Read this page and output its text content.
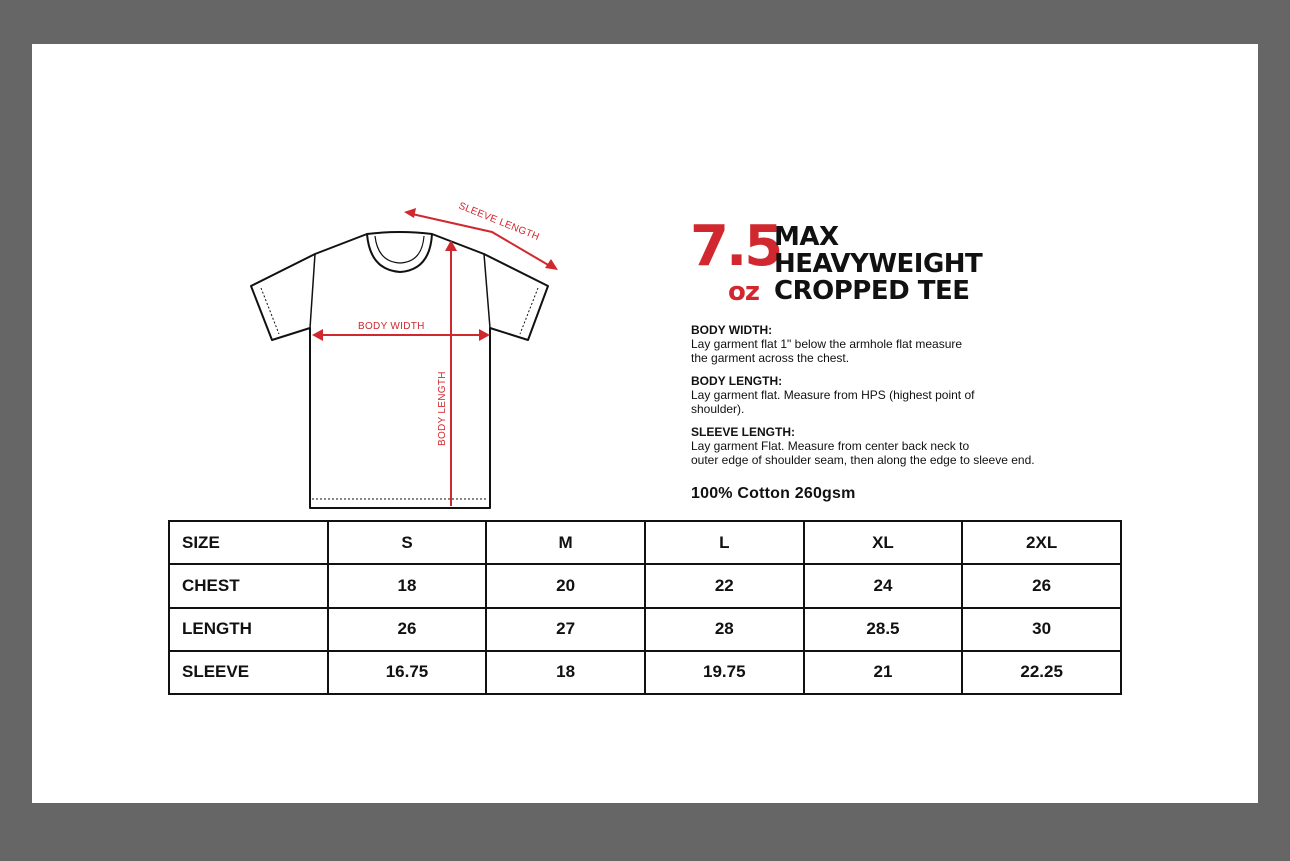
SLEEVE LENGTH
BODY WIDTH
BODY LENGTH
7.5
oz
MAX
HEAVYWEIGHT
CROPPED TEE
BODY WIDTH:
Lay garment flat 1" below the armhole flat measure
the garment across the chest.
BODY LENGTH:
Lay garment flat. Measure from HPS (highest point of
shoulder).
SLEEVE LENGTH:
Lay garment Flat. Measure from center back neck to
outer edge of shoulder seam, then along the edge to sleeve end.
100% Cotton 260gsm
SIZE	S	M	L	XL	2XL
CHEST	18	20	22	24	26
LENGTH	26	27	28	28.5	30
SLEEVE	16.75	18	19.75	21	22.25
